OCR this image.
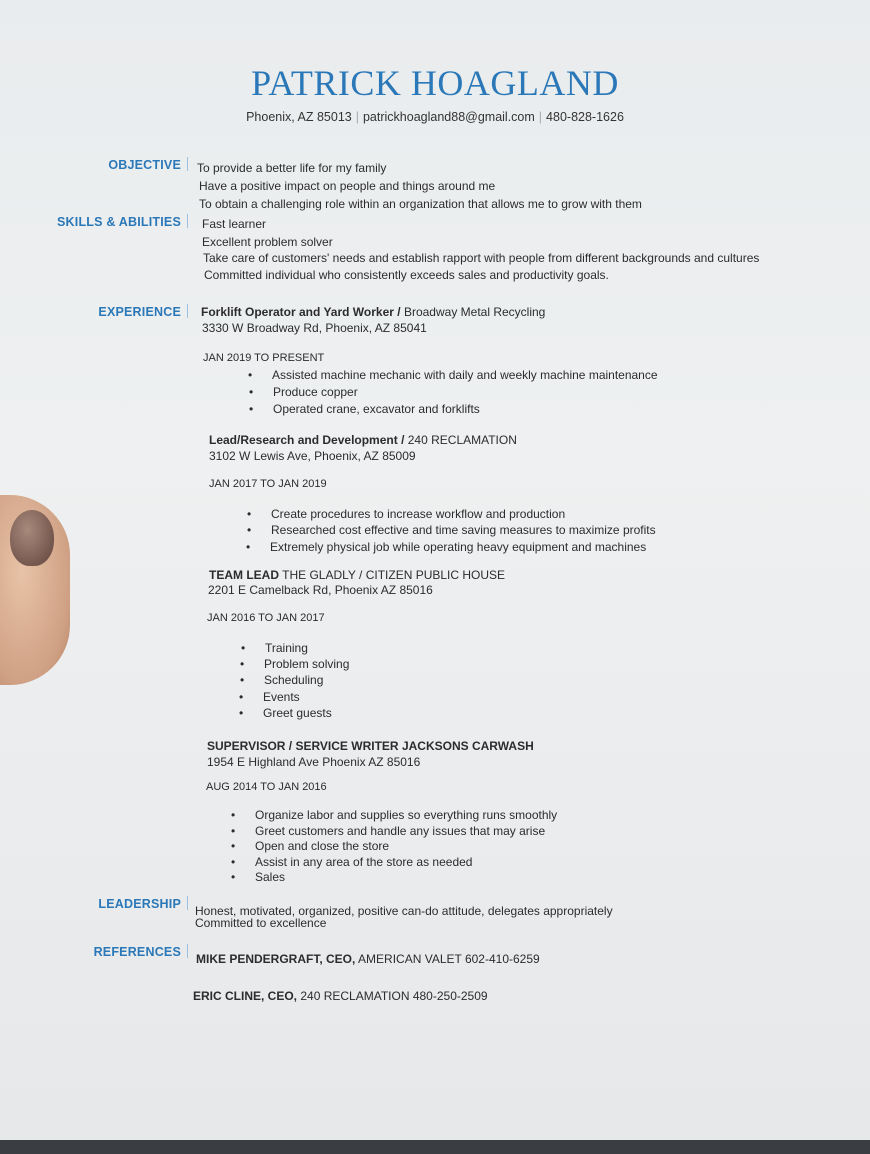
PATRICK HOAGLAND
Phoenix, AZ 85013 | patrickhoagland88@gmail.com | 480-828-1626
OBJECTIVE	To provide a better life for my family
Have a positive impact on people and things around me
To obtain a challenging role within an organization that allows me to grow with them
SKILLS & ABILITIES	Fast learner
Excellent problem solver
Take care of customers' needs and establish rapport with people from different backgrounds and cultures
Committed individual who consistently exceeds sales and productivity goals.
EXPERIENCE	Forklift Operator and Yard Worker / Broadway Metal Recycling
3330 W Broadway Rd, Phoenix, AZ 85041
JAN 2019 TO PRESENT
• Assisted machine mechanic with daily and weekly machine maintenance
• Produce copper
• Operated crane, excavator and forklifts
Lead/Research and Development / 240 RECLAMATION
3102 W Lewis Ave, Phoenix, AZ 85009
JAN 2017 TO JAN 2019
• Create procedures to increase workflow and production
• Researched cost effective and time saving measures to maximize profits
• Extremely physical job while operating heavy equipment and machines
TEAM LEAD THE GLADLY / CITIZEN PUBLIC HOUSE
2201 E Camelback Rd, Phoenix AZ 85016
JAN 2016 TO JAN 2017
• Training
• Problem solving
• Scheduling
• Events
• Greet guests
SUPERVISOR / SERVICE WRITER JACKSONS CARWASH
1954 E Highland Ave Phoenix AZ 85016
AUG 2014 TO JAN 2016
• Organize labor and supplies so everything runs smoothly
• Greet customers and handle any issues that may arise
• Open and close the store
• Assist in any area of the store as needed
• Sales
LEADERSHIP	Honest, motivated, organized, positive can-do attitude, delegates appropriately
Committed to excellence
REFERENCES	MIKE PENDERGRAFT, CEO, AMERICAN VALET 602-410-6259
ERIC CLINE, CEO, 240 RECLAMATION 480-250-2509
